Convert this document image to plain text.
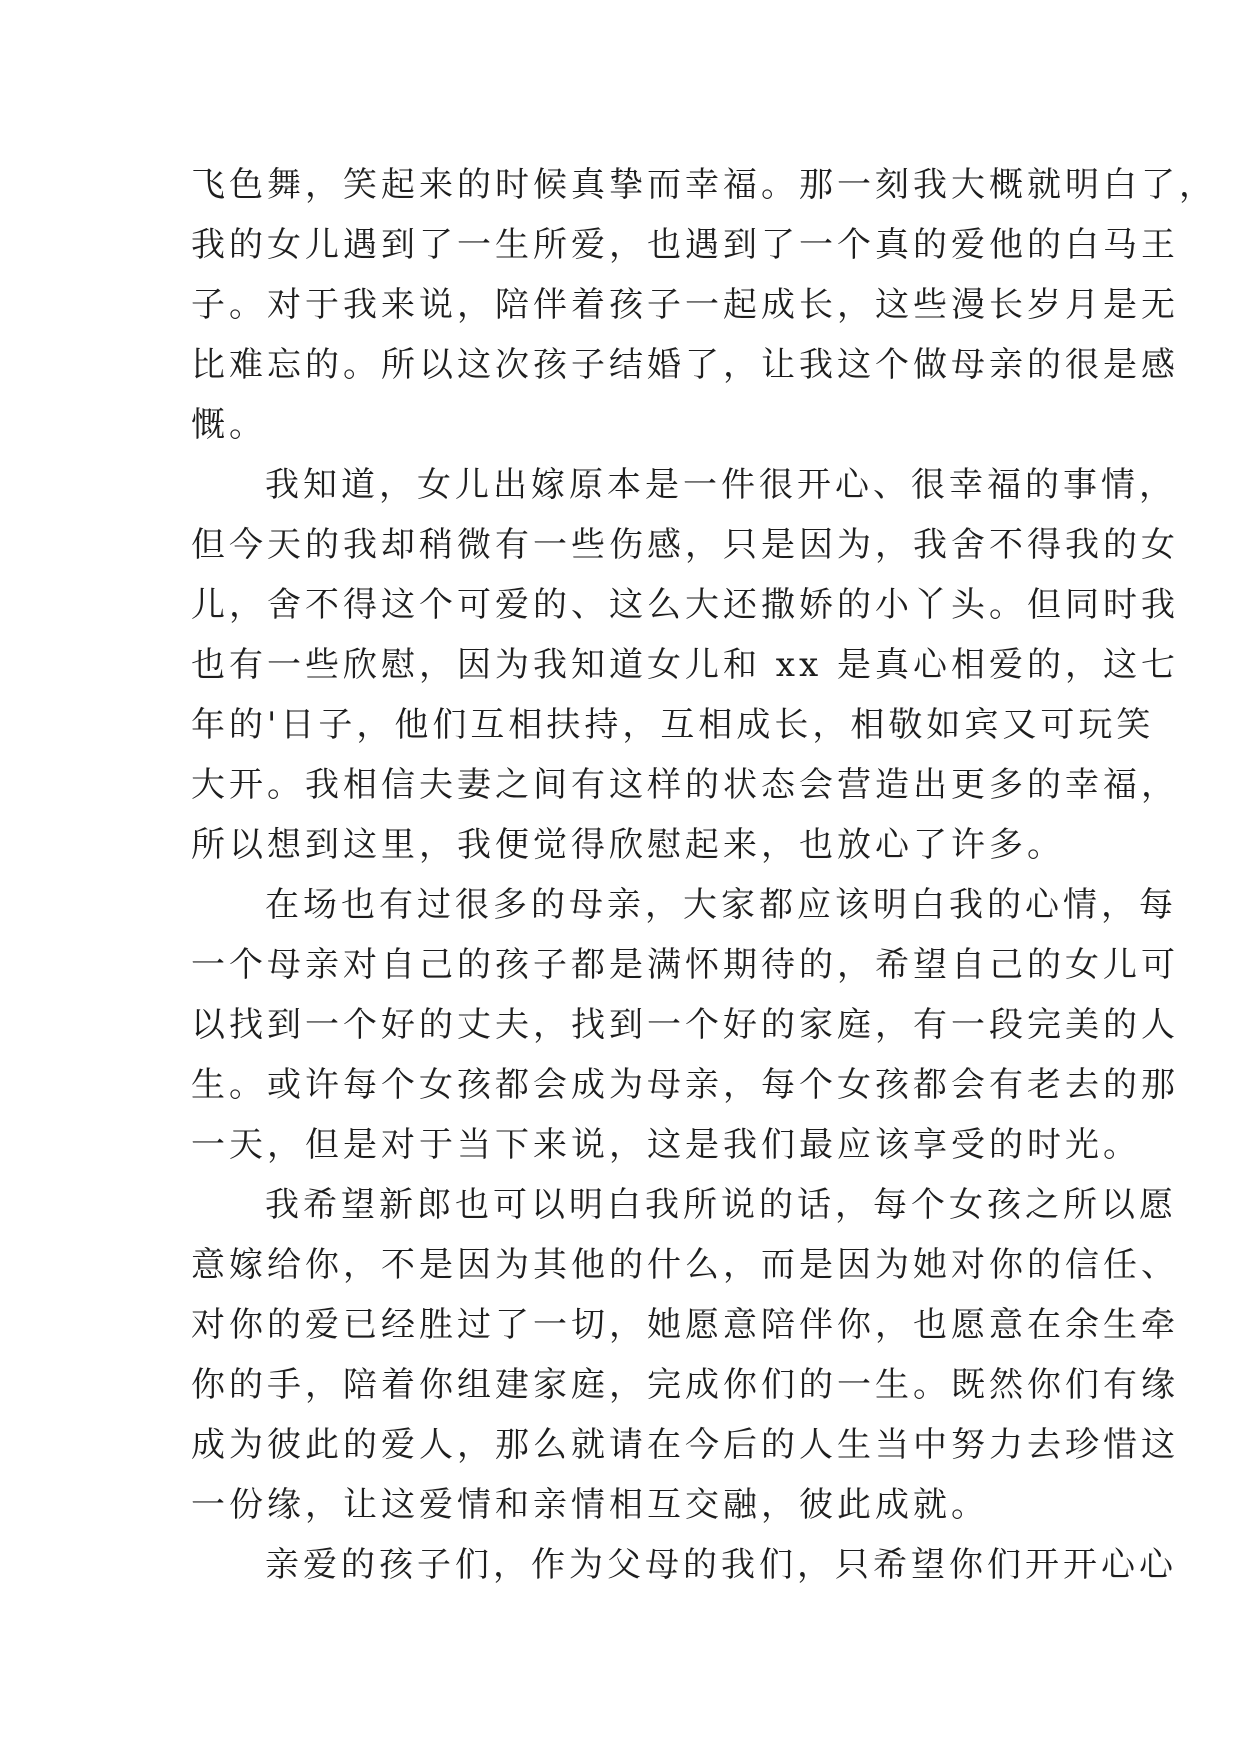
飞色舞，笑起来的时候真挚而幸福。那一刻我大概就明白了，
我的女儿遇到了一生所爱，也遇到了一个真的爱他的白马王
子。对于我来说，陪伴着孩子一起成长，这些漫长岁月是无
比难忘的。所以这次孩子结婚了，让我这个做母亲的很是感
慨。
我知道，女儿出嫁原本是一件很开心、很幸福的事情，
但今天的我却稍微有一些伤感，只是因为，我舍不得我的女
儿，舍不得这个可爱的、这么大还撒娇的小丫头。但同时我
也有一些欣慰，因为我知道女儿和 xx 是真心相爱的，这七
年的'日子，他们互相扶持，互相成长，相敬如宾又可玩笑
大开。我相信夫妻之间有这样的状态会营造出更多的幸福，
所以想到这里，我便觉得欣慰起来，也放心了许多。
在场也有过很多的母亲，大家都应该明白我的心情，每
一个母亲对自己的孩子都是满怀期待的，希望自己的女儿可
以找到一个好的丈夫，找到一个好的家庭，有一段完美的人
生。或许每个女孩都会成为母亲，每个女孩都会有老去的那
一天，但是对于当下来说，这是我们最应该享受的时光。
我希望新郎也可以明白我所说的话，每个女孩之所以愿
意嫁给你，不是因为其他的什么，而是因为她对你的信任、
对你的爱已经胜过了一切，她愿意陪伴你，也愿意在余生牵
你的手，陪着你组建家庭，完成你们的一生。既然你们有缘
成为彼此的爱人，那么就请在今后的人生当中努力去珍惜这
一份缘，让这爱情和亲情相互交融，彼此成就。
亲爱的孩子们，作为父母的我们，只希望你们开开心心
